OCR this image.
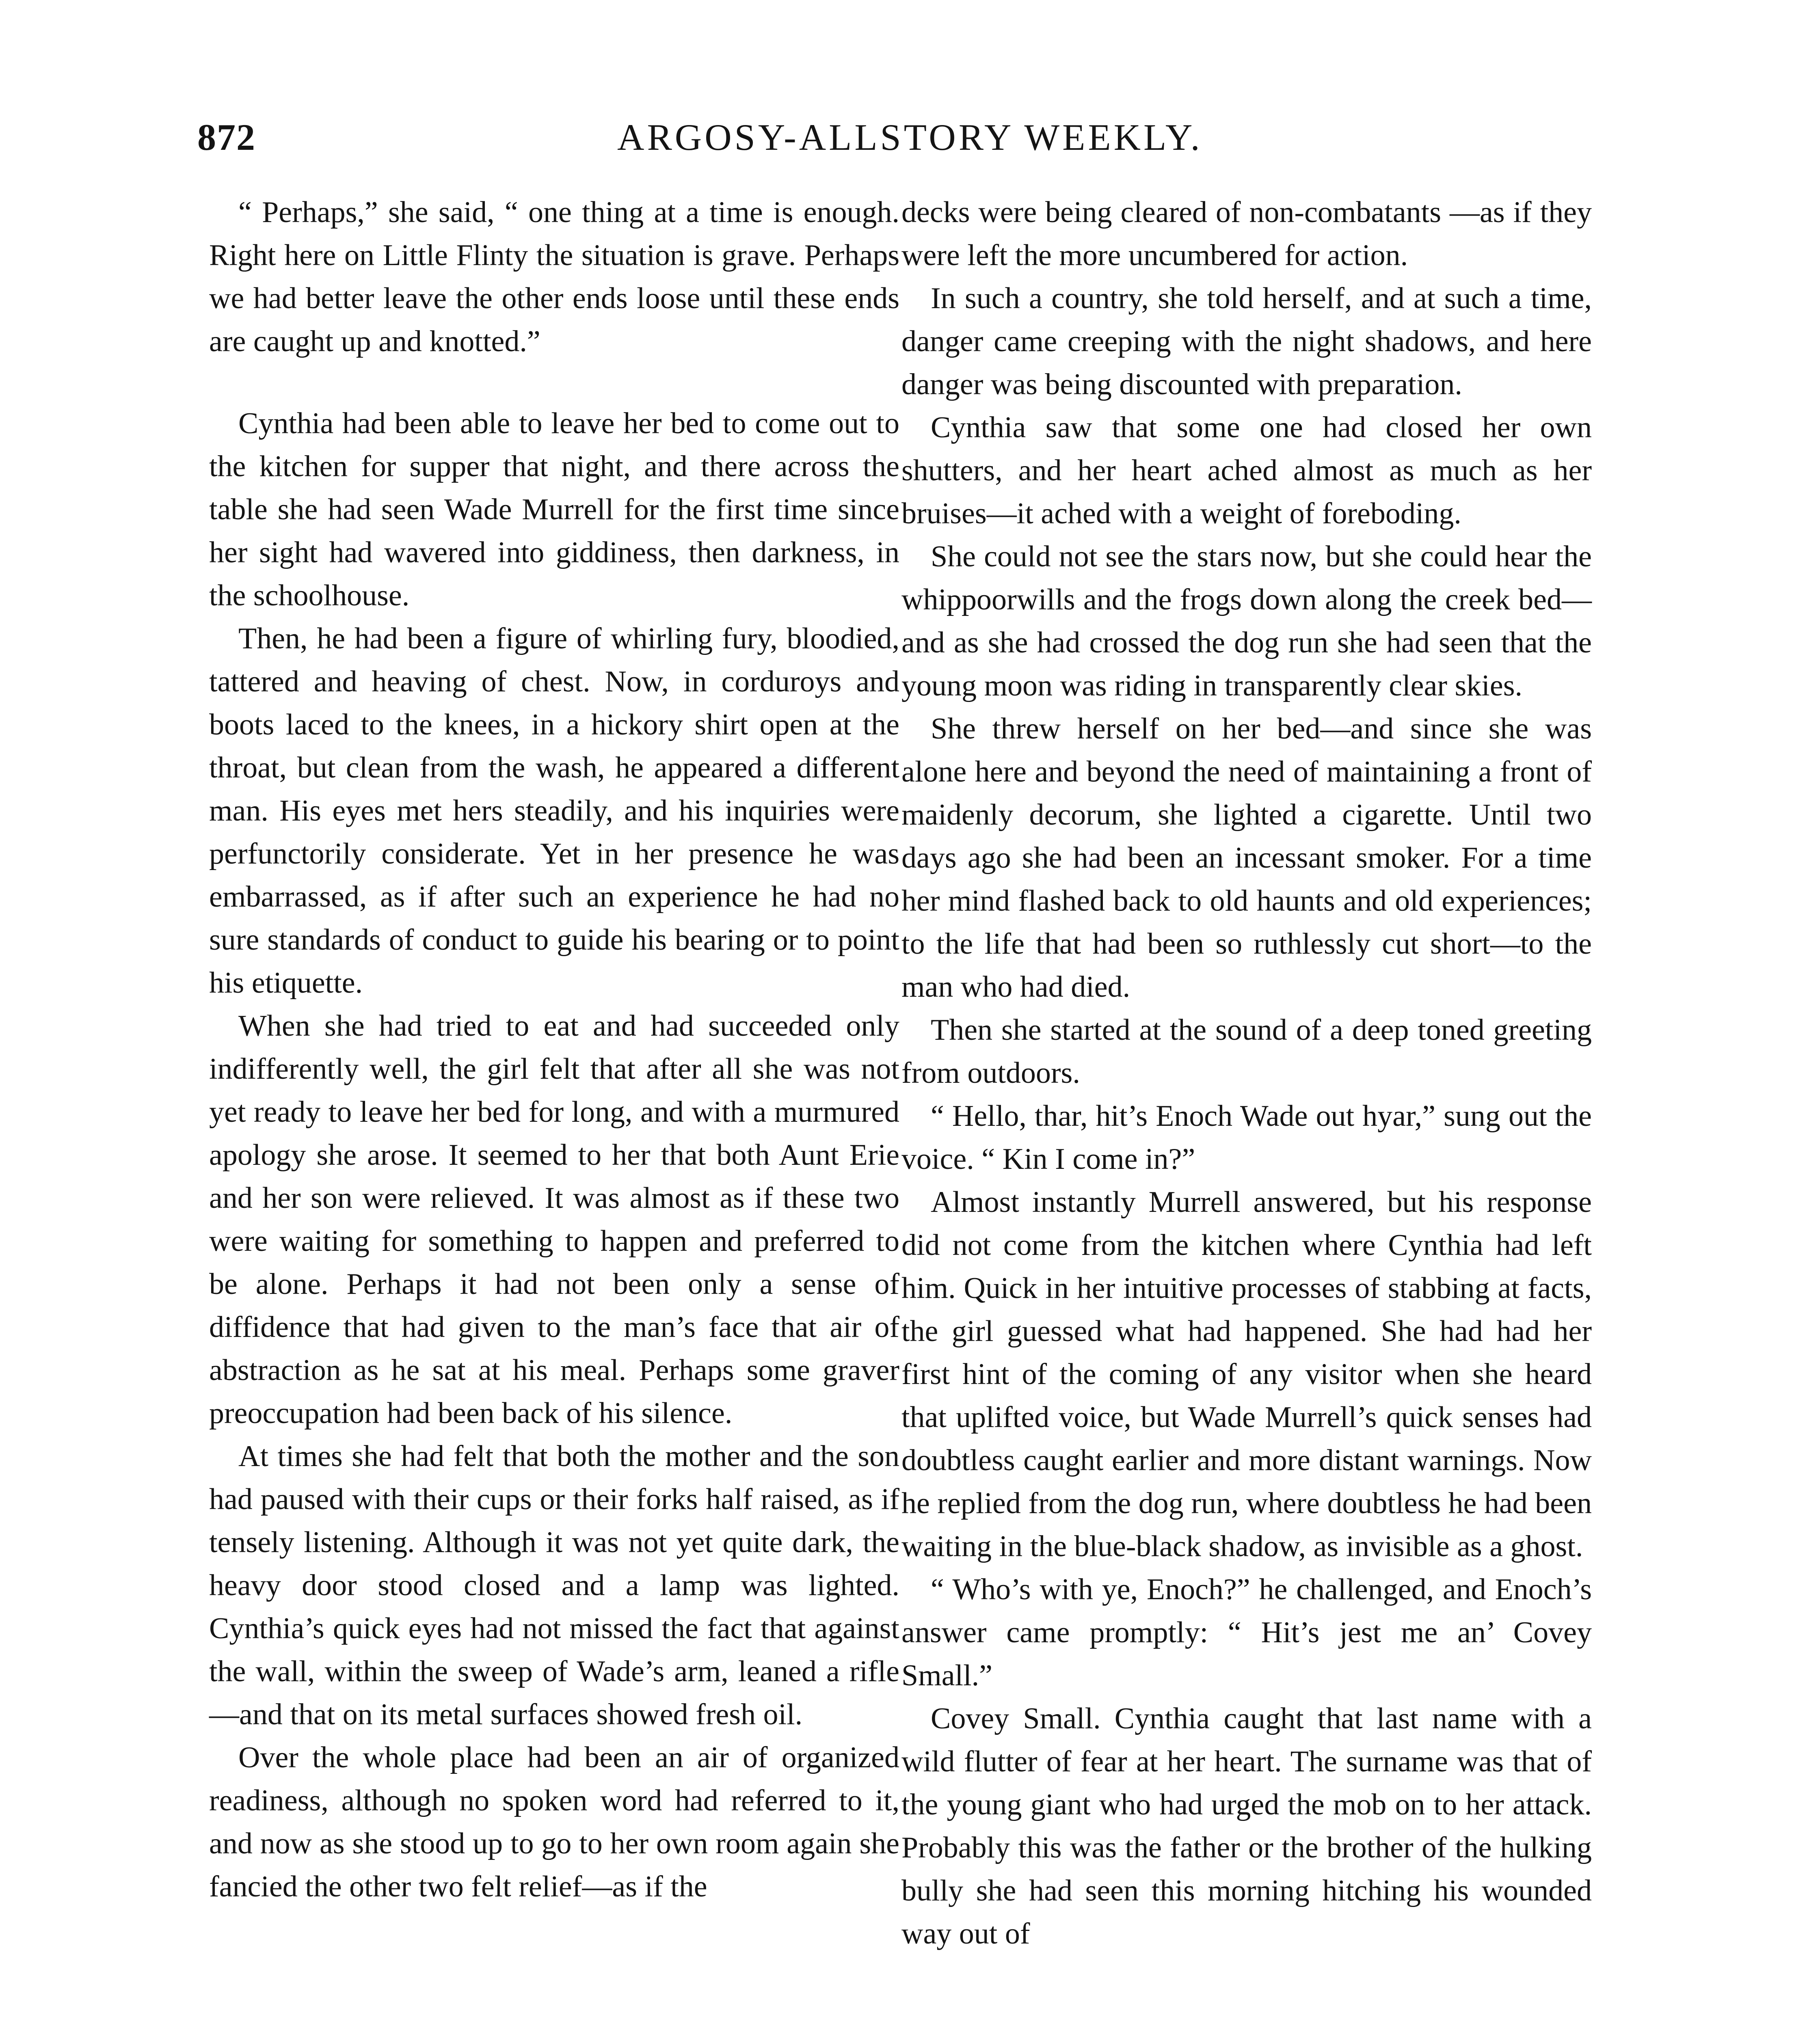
872	ARGOSY-ALLSTORY WEEKLY.

“ Perhaps,” she said, “ one thing at a time is enough. Right here on Little Flinty the situation is grave. Perhaps we had better leave the other ends loose until these ends are caught up and knotted.”

Cynthia had been able to leave her bed to come out to the kitchen for supper that night, and there across the table she had seen Wade Murrell for the first time since her sight had wavered into giddiness, then darkness, in the schoolhouse.

Then, he had been a figure of whirling fury, bloodied, tattered and heaving of chest. Now, in corduroys and boots laced to the knees, in a hickory shirt open at the throat, but clean from the wash, he appeared a different man. His eyes met hers steadily, and his inquiries were perfunctorily considerate. Yet in her presence he was embarrassed, as if after such an experience he had no sure standards of conduct to guide his bearing or to point his etiquette.

When she had tried to eat and had succeeded only indifferently well, the girl felt that after all she was not yet ready to leave her bed for long, and with a murmured apology she arose. It seemed to her that both Aunt Erie and her son were relieved. It was almost as if these two were waiting for something to happen and preferred to be alone. Perhaps it had not been only a sense of diffidence that had given to the man’s face that air of abstraction as he sat at his meal. Perhaps some graver preoccupation had been back of his silence.

At times she had felt that both the mother and the son had paused with their cups or their forks half raised, as if tensely listening. Although it was not yet quite dark, the heavy door stood closed and a lamp was lighted. Cynthia’s quick eyes had not missed the fact that against the wall, within the sweep of Wade’s arm, leaned a rifle—and that on its metal surfaces showed fresh oil.

Over the whole place had been an air of organized readiness, although no spoken word had referred to it, and now as she stood up to go to her own room again she fancied the other two felt relief—as if the

decks were being cleared of non-combatants —as if they were left the more uncumbered for action.

In such a country, she told herself, and at such a time, danger came creeping with the night shadows, and here danger was being discounted with preparation.

Cynthia saw that some one had closed her own shutters, and her heart ached almost as much as her bruises—it ached with a weight of foreboding.

She could not see the stars now, but she could hear the whippoorwills and the frogs down along the creek bed—and as she had crossed the dog run she had seen that the young moon was riding in transparently clear skies.

She threw herself on her bed—and since she was alone here and beyond the need of maintaining a front of maidenly decorum, she lighted a cigarette. Until two days ago she had been an incessant smoker. For a time her mind flashed back to old haunts and old experiences; to the life that had been so ruthlessly cut short—to the man who had died.

Then she started at the sound of a deep toned greeting from outdoors.

“ Hello, thar, hit’s Enoch Wade out hyar,” sung out the voice. “ Kin I come in?”

Almost instantly Murrell answered, but his response did not come from the kitchen where Cynthia had left him. Quick in her intuitive processes of stabbing at facts, the girl guessed what had happened. She had had her first hint of the coming of any visitor when she heard that uplifted voice, but Wade Murrell’s quick senses had doubtless caught earlier and more distant warnings. Now he replied from the dog run, where doubtless he had been waiting in the blue-black shadow, as invisible as a ghost.

“ Who’s with ye, Enoch?” he challenged, and Enoch’s answer came promptly: “ Hit’s jest me an’ Covey Small.”

Covey Small. Cynthia caught that last name with a wild flutter of fear at her heart. The surname was that of the young giant who had urged the mob on to her attack. Probably this was the father or the brother of the hulking bully she had seen this morning hitching his wounded way out of
